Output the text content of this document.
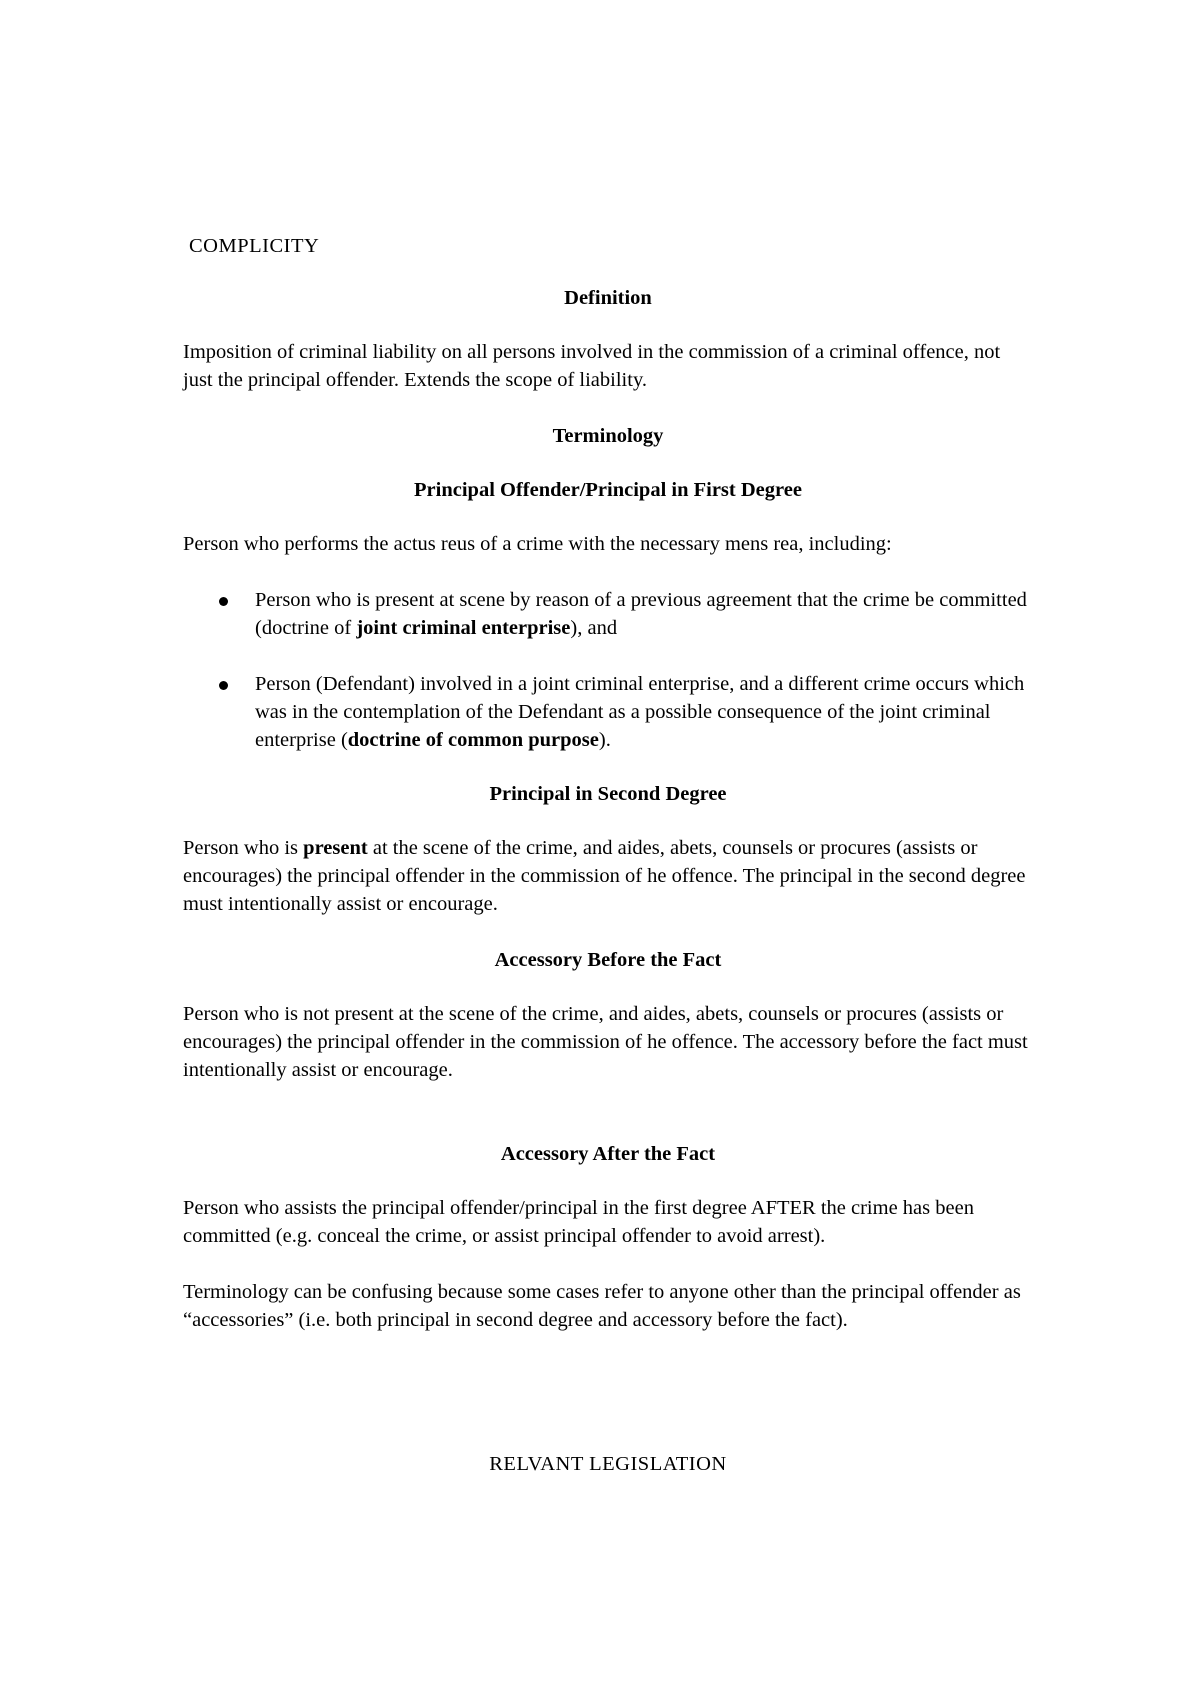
COMPLICITY
Definition

Imposition of criminal liability on all persons involved in the commission of a criminal offence, not just the principal offender. Extends the scope of liability.

Terminology
Principal Offender/Principal in First Degree

Person who performs the actus reus of a crime with the necessary mens rea, including:

Person who is present at scene by reason of a previous agreement that the crime be committed (doctrine of joint criminal enterprise), and
Person (Defendant) involved in a joint criminal enterprise, and a different crime occurs which was in the contemplation of the Defendant as a possible consequence of the joint criminal enterprise (doctrine of common purpose).
Principal in Second Degree

Person who is present at the scene of the crime, and aides, abets, counsels or procures (assists or encourages) the principal offender in the commission of he offence. The principal in the second degree must intentionally assist or encourage.

Accessory Before the Fact

Person who is not present at the scene of the crime, and aides, abets, counsels or procures (assists or encourages) the principal offender in the commission of he offence. The accessory before the fact must intentionally assist or encourage.

Accessory After the Fact

Person who assists the principal offender/principal in the first degree AFTER the crime has been committed (e.g. conceal the crime, or assist principal offender to avoid arrest).

Terminology can be confusing because some cases refer to anyone other than the principal offender as “accessories” (i.e. both principal in second degree and accessory before the fact).

RELVANT LEGISLATION
